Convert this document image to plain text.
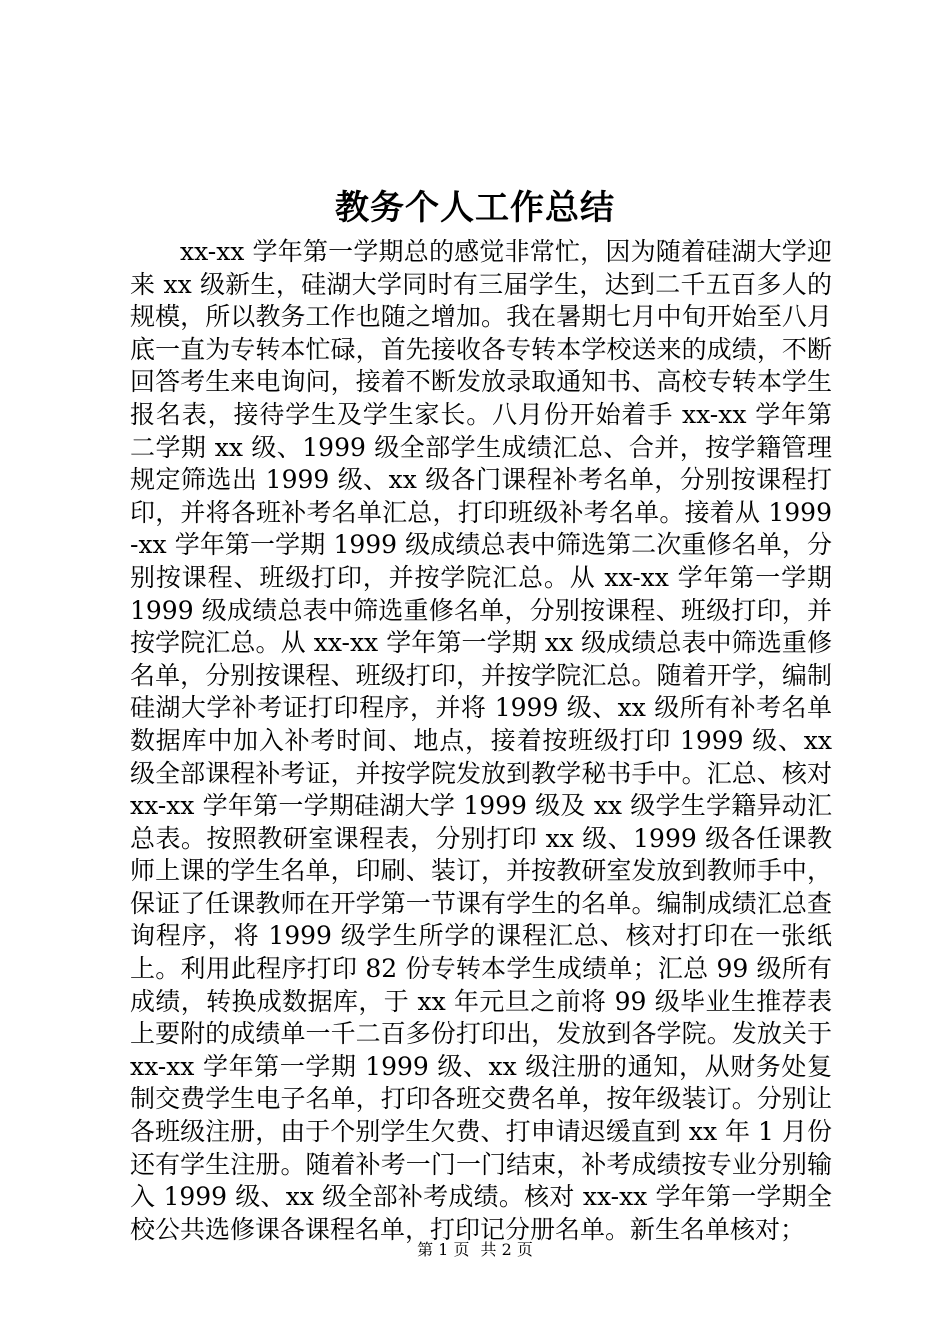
教务个人工作总结

xx-xx 学年第一学期总的感觉非常忙，因为随着硅湖大学迎来 xx 级新生，硅湖大学同时有三届学生，达到二千五百多人的规模，所以教务工作也随之增加。我在暑期七月中旬开始至八月底一直为专转本忙碌，首先接收各专转本学校送来的成绩，不断回答考生来电询问，接着不断发放录取通知书、高校专转本学生报名表，接待学生及学生家长。八月份开始着手 xx-xx 学年第二学期 xx 级、1999 级全部学生成绩汇总、合并，按学籍管理规定筛选出 1999 级、xx 级各门课程补考名单，分别按课程打印，并将各班补考名单汇总，打印班级补考名单。接着从 1999-xx 学年第一学期 1999 级成绩总表中筛选第二次重修名单，分别按课程、班级打印，并按学院汇总。从 xx-xx 学年第一学期 1999 级成绩总表中筛选重修名单，分别按课程、班级打印，并按学院汇总。从 xx-xx 学年第一学期 xx 级成绩总表中筛选重修名单，分别按课程、班级打印，并按学院汇总。随着开学，编制硅湖大学补考证打印程序，并将 1999 级、xx 级所有补考名单数据库中加入补考时间、地点，接着按班级打印 1999 级、xx 级全部课程补考证，并按学院发放到教学秘书手中。汇总、核对 xx-xx 学年第一学期硅湖大学 1999 级及 xx 级学生学籍异动汇总表。按照教研室课程表，分别打印 xx 级、1999 级各任课教师上课的学生名单，印刷、装订，并按教研室发放到教师手中，保证了任课教师在开学第一节课有学生的名单。编制成绩汇总查询程序，将 1999 级学生所学的课程汇总、核对打印在一张纸上。利用此程序打印 82 份专转本学生成绩单；汇总 99 级所有成绩，转换成数据库，于 xx 年元旦之前将 99 级毕业生推荐表上要附的成绩单一千二百多份打印出，发放到各学院。发放关于 xx-xx 学年第一学期 1999 级、xx 级注册的通知，从财务处复制交费学生电子名单，打印各班交费名单，按年级装订。分别让各班级注册，由于个别学生欠费、打申请迟缓直到 xx 年 1 月份还有学生注册。随着补考一门一门结束，补考成绩按专业分别输入 1999 级、xx 级全部补考成绩。核对 xx-xx 学年第一学期全校公共选修课各课程名单，打印记分册名单。新生名单核对；

第 1 页 共 2 页
